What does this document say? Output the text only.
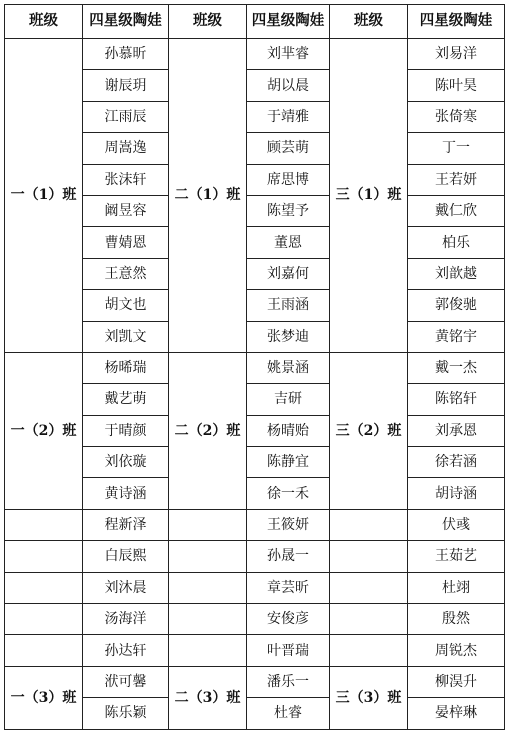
班级	四星级陶娃	班级	四星级陶娃	班级	四星级陶娃
一（1）班	孙慕昕	二（1）班	刘芈睿	三（1）班	刘易洋
	谢辰玥		胡以晨		陈叶昊
	江雨辰		于靖雅		张倚寒
	周嵩逸		顾芸萌		丁一
	张沫轩		席思博		王若妍
	阚昱容		陈望予		戴仁欣
	曹婧恩		董恩		柏乐
	王意然		刘嘉何		刘歆越
	胡文也		王雨涵		郭俊驰
	刘凯文		张梦迪		黄铭宇
一（2）班	杨晞瑞	二（2）班	姚景涵	三（2）班	戴一杰
	戴艺萌		吉研		陈铭轩
	于晴颜		杨晴贻		刘承恩
	刘依璇		陈静宜		徐若涵
	黄诗涵		徐一禾		胡诗涵
	程新泽		王筱妍		伏彧
	白辰熙		孙晟一		王茹艺
	刘沐晨		章芸昕		杜翊
	汤海洋		安俊彦		殷然
	孙达轩		叶晋瑞		周锐杰
一（3）班	洑可馨	二（3）班	潘乐一	三（3）班	柳淏升
	陈乐颖		杜睿		晏梓琳
